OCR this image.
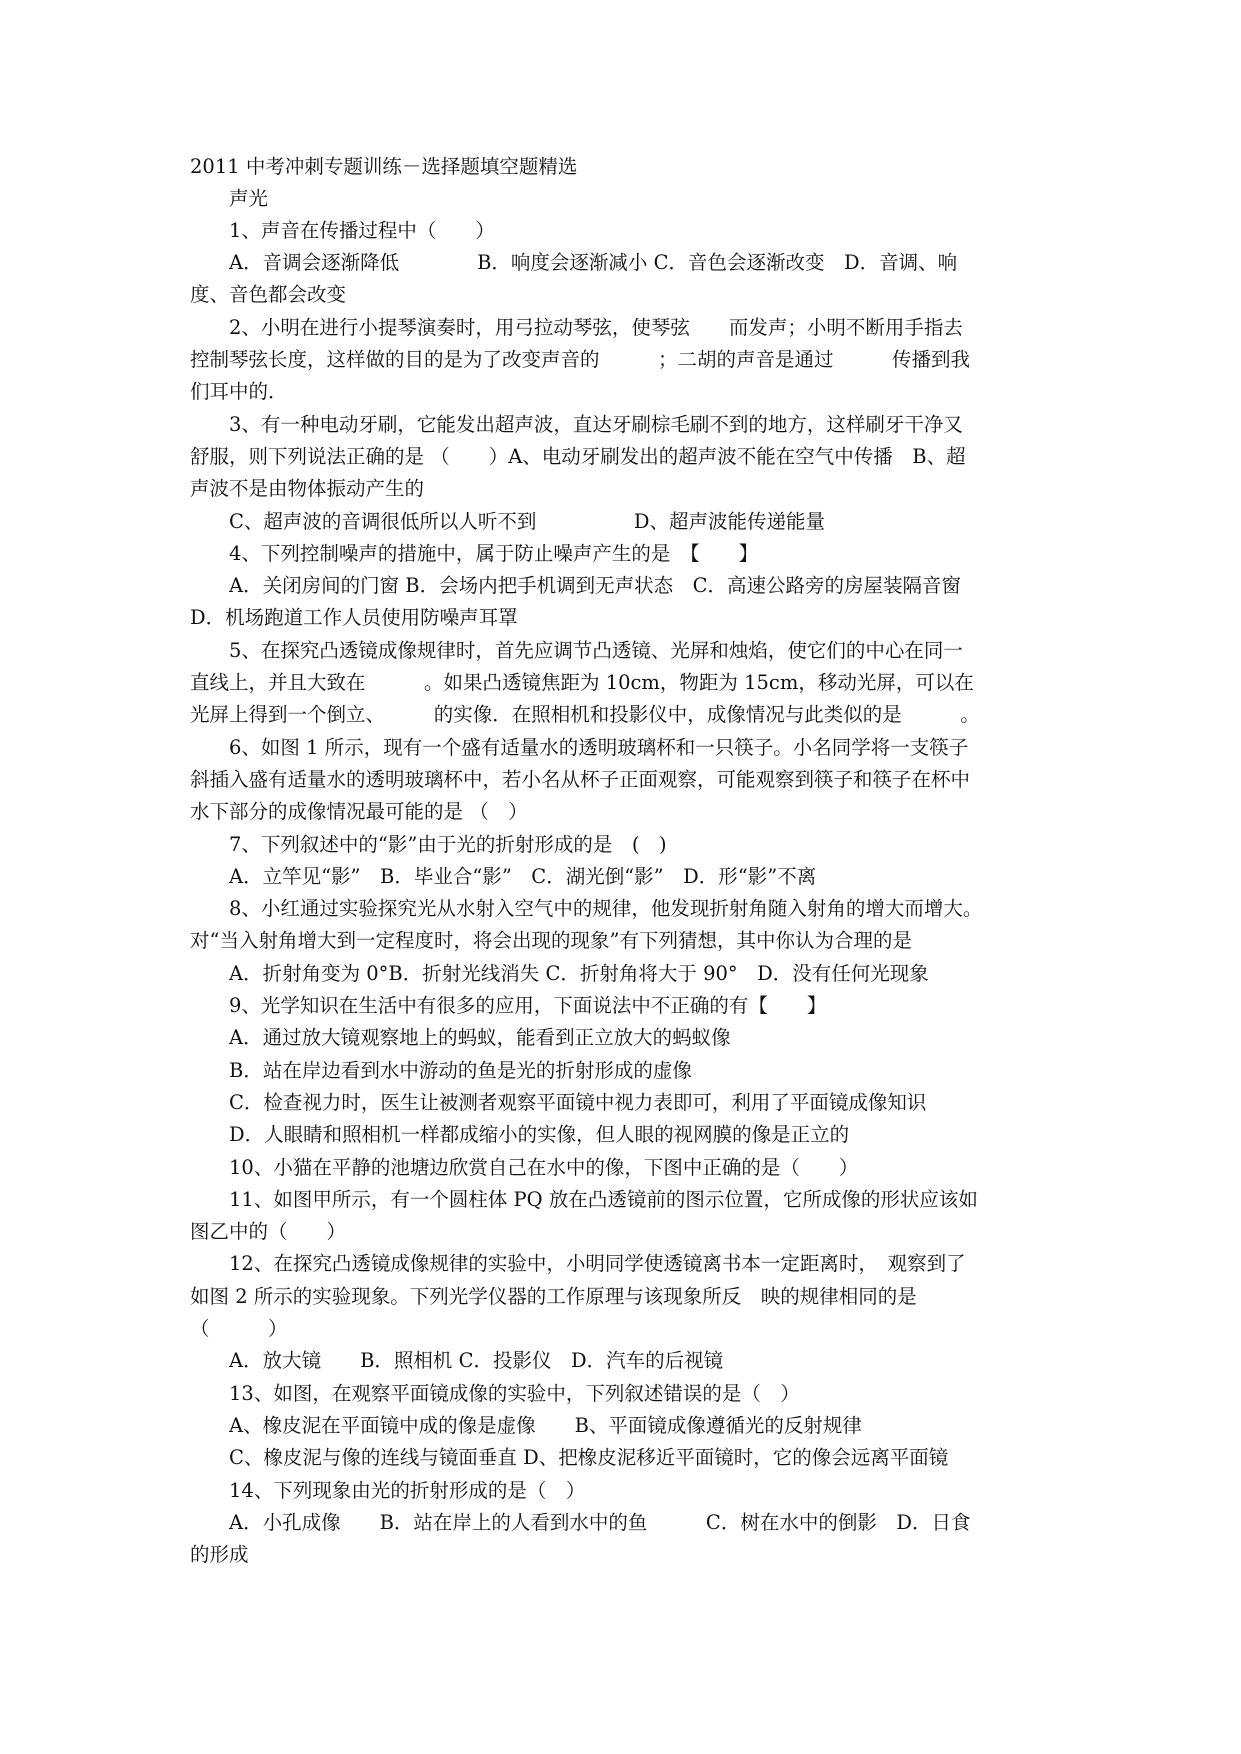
2011 中考冲刺专题训练－选择题填空题精选
声光
1、声音在传播过程中（　　）
A．音调会逐渐降低　　　　B．响度会逐渐减小 C．音色会逐渐改变　D．音调、响
度、音色都会改变
2、小明在进行小提琴演奏时，用弓拉动琴弦，使琴弦　　而发声；小明不断用手指去
控制琴弦长度，这样做的目的是为了改变声音的　　　；二胡的声音是通过　　　传播到我
们耳中的．
3、有一种电动牙刷，它能发出超声波，直达牙刷棕毛刷不到的地方，这样刷牙干净又
舒服，则下列说法正确的是 （　　）A、电动牙刷发出的超声波不能在空气中传播　B、超
声波不是由物体振动产生的
C、超声波的音调很低所以人听不到　　　　　D、超声波能传递能量
4、下列控制噪声的措施中，属于防止噪声产生的是　【　　】
A．关闭房间的门窗 B．会场内把手机调到无声状态　C．高速公路旁的房屋装隔音窗
D．机场跑道工作人员使用防噪声耳罩
5、在探究凸透镜成像规律时，首先应调节凸透镜、光屏和烛焰，使它们的中心在同一
直线上，并且大致在　　　。如果凸透镜焦距为 10cm，物距为 15cm，移动光屏，可以在
光屏上得到一个倒立、　　　的实像．在照相机和投影仪中，成像情况与此类似的是　　　。
6、如图 1 所示，现有一个盛有适量水的透明玻璃杯和一只筷子。小名同学将一支筷子
斜插入盛有适量水的透明玻璃杯中，若小名从杯子正面观察，可能观察到筷子和筷子在杯中
水下部分的成像情况最可能的是 （　）
7、下列叙述中的“影”由于光的折射形成的是　(　)
A．立竿见“影”　B．毕业合“影”　C．湖光倒“影”　D．形“影”不离
8、小红通过实验探究光从水射入空气中的规律，他发现折射角随入射角的增大而增大。
对“当入射角增大到一定程度时，将会出现的现象”有下列猜想，其中你认为合理的是
A．折射角变为 0°B．折射光线消失 C．折射角将大于 90°　D．没有任何光现象
9、光学知识在生活中有很多的应用，下面说法中不正确的有【　　】
A．通过放大镜观察地上的蚂蚁，能看到正立放大的蚂蚁像
B．站在岸边看到水中游动的鱼是光的折射形成的虚像
C．检查视力时，医生让被测者观察平面镜中视力表即可，利用了平面镜成像知识
D．人眼睛和照相机一样都成缩小的实像，但人眼的视网膜的像是正立的
10、小猫在平静的池塘边欣赏自己在水中的像，下图中正确的是（　　）
11、如图甲所示，有一个圆柱体 PQ 放在凸透镜前的图示位置，它所成像的形状应该如
图乙中的（　　）
12、在探究凸透镜成像规律的实验中，小明同学使透镜离书本一定距离时，　观察到了
如图 2 所示的实验现象。下列光学仪器的工作原理与该现象所反　映的规律相同的是
（　　　）
A．放大镜　　B．照相机 C．投影仪　D．汽车的后视镜
13、如图，在观察平面镜成像的实验中，下列叙述错误的是（　）
A、橡皮泥在平面镜中成的像是虚像　　B、平面镜成像遵循光的反射规律
C、橡皮泥与像的连线与镜面垂直 D、把橡皮泥移近平面镜时，它的像会远离平面镜
14、下列现象由光的折射形成的是（　）
A．小孔成像　　B．站在岸上的人看到水中的鱼　　　C．树在水中的倒影　D．日食
的形成
